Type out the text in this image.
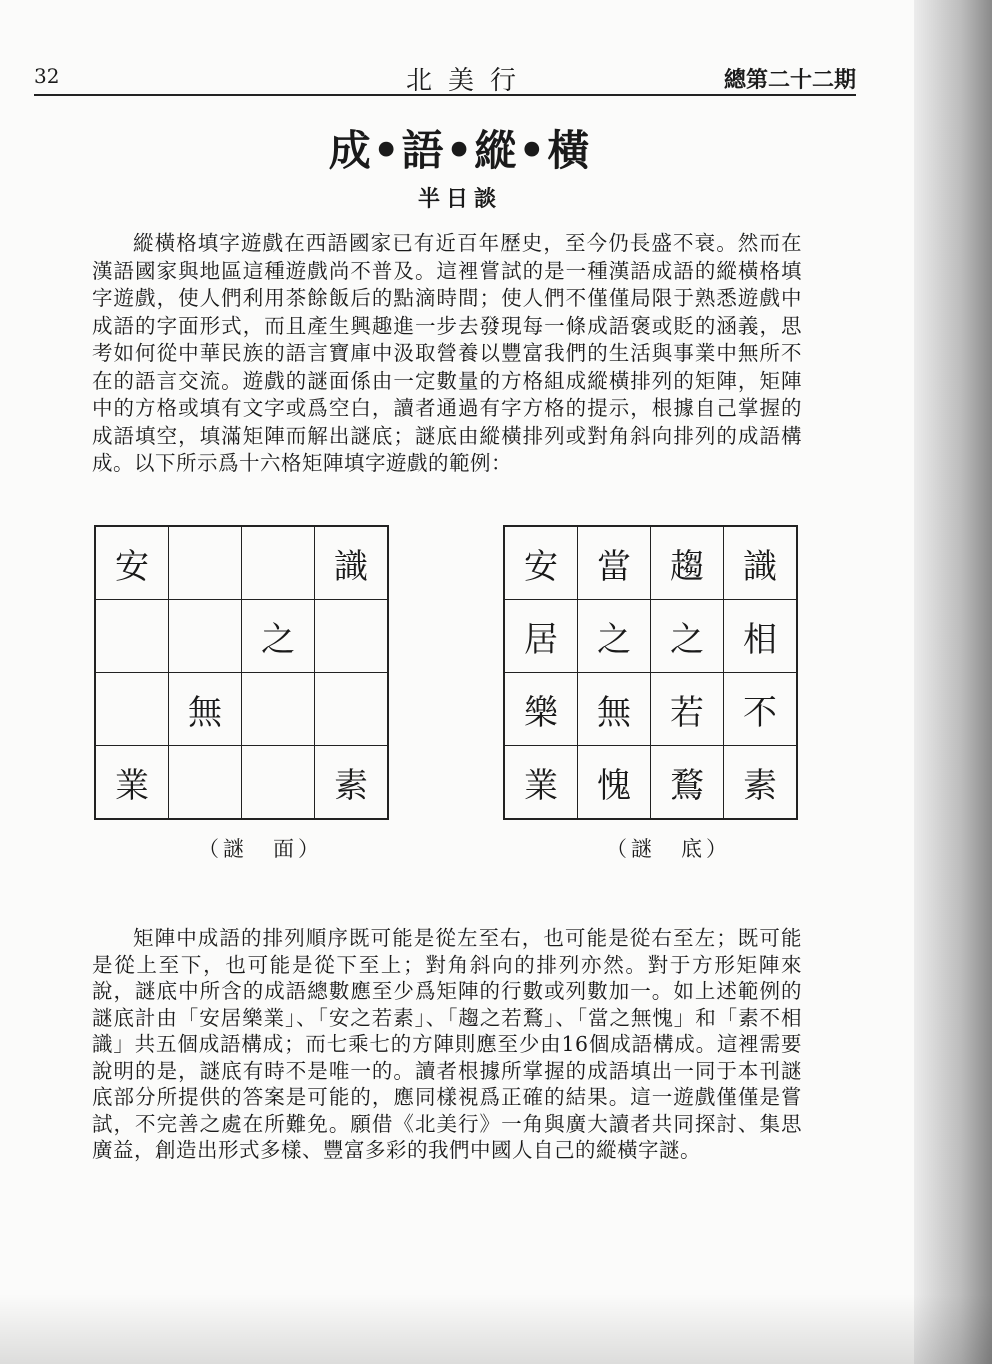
32	北美行	總第二十二期
成•語•縱•橫
半日談
縱橫格填字遊戲在西語國家已有近百年歷史，至今仍長盛不衰。然而在漢語國家與地區這種遊戲尚不普及。這裡嘗試的是一種漢語成語的縱橫格填字遊戲，使人們利用茶餘飯后的點滴時間；使人們不僅僅局限于熟悉遊戲中成語的字面形式，而且產生興趣進一步去發現每一條成語褒或貶的涵義，思考如何從中華民族的語言寶庫中汲取營養以豐富我們的生活與事業中無所不在的語言交流。遊戲的謎面係由一定數量的方格組成縱橫排列的矩陣，矩陣中的方格或填有文字或爲空白，讀者通過有字方格的提示，根據自己掌握的成語填空，填滿矩陣而解出謎底；謎底由縱橫排列或對角斜向排列的成語構成。以下所示爲十六格矩陣填字遊戲的範例：
安			識
		之	
	無		
業			素
安	當	趨	識
居	之	之	相
樂	無	若	不
業	愧	鶩	素
（謎　面）	（謎　底）
矩陣中成語的排列順序既可能是從左至右，也可能是從右至左；既可能是從上至下，也可能是從下至上；對角斜向的排列亦然。對于方形矩陣來說，謎底中所含的成語總數應至少爲矩陣的行數或列數加一。如上述範例的謎底計由「安居樂業」、「安之若素」、「趨之若鶩」、「當之無愧」和「素不相識」共五個成語構成；而七乘七的方陣則應至少由16個成語構成。這裡需要說明的是，謎底有時不是唯一的。讀者根據所掌握的成語填出一同于本刊謎底部分所提供的答案是可能的，應同樣視爲正確的結果。這一遊戲僅僅是嘗試，不完善之處在所難免。願借《北美行》一角與廣大讀者共同探討、集思廣益，創造出形式多樣、豐富多彩的我們中國人自己的縱橫字謎。
